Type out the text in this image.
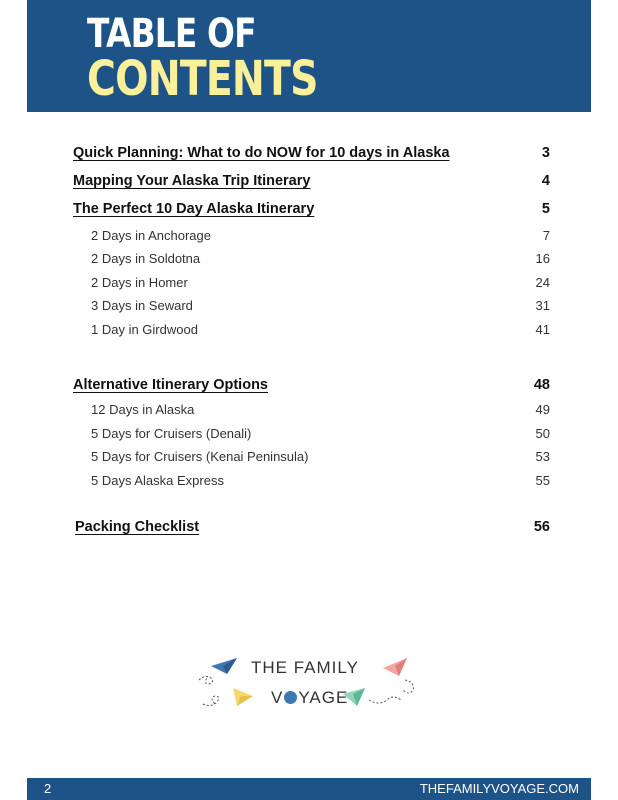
TABLE OF
CONTENTS
Quick Planning: What to do NOW for 10 days in Alaska	3
Mapping Your Alaska Trip Itinerary	4
The Perfect 10 Day Alaska Itinerary	5
2 Days in Anchorage	7
2 Days in Soldotna	16
2 Days in Homer	24
3 Days in Seward	31
1 Day in Girdwood	41
Alternative Itinerary Options	48
12 Days in Alaska	49
5 Days for Cruisers (Denali)	50
5 Days for Cruisers (Kenai Peninsula)	53
5 Days Alaska Express	55
Packing Checklist	56
THE FAMILY
V YAGE
2	THEFAMILYVOYAGE.COM
